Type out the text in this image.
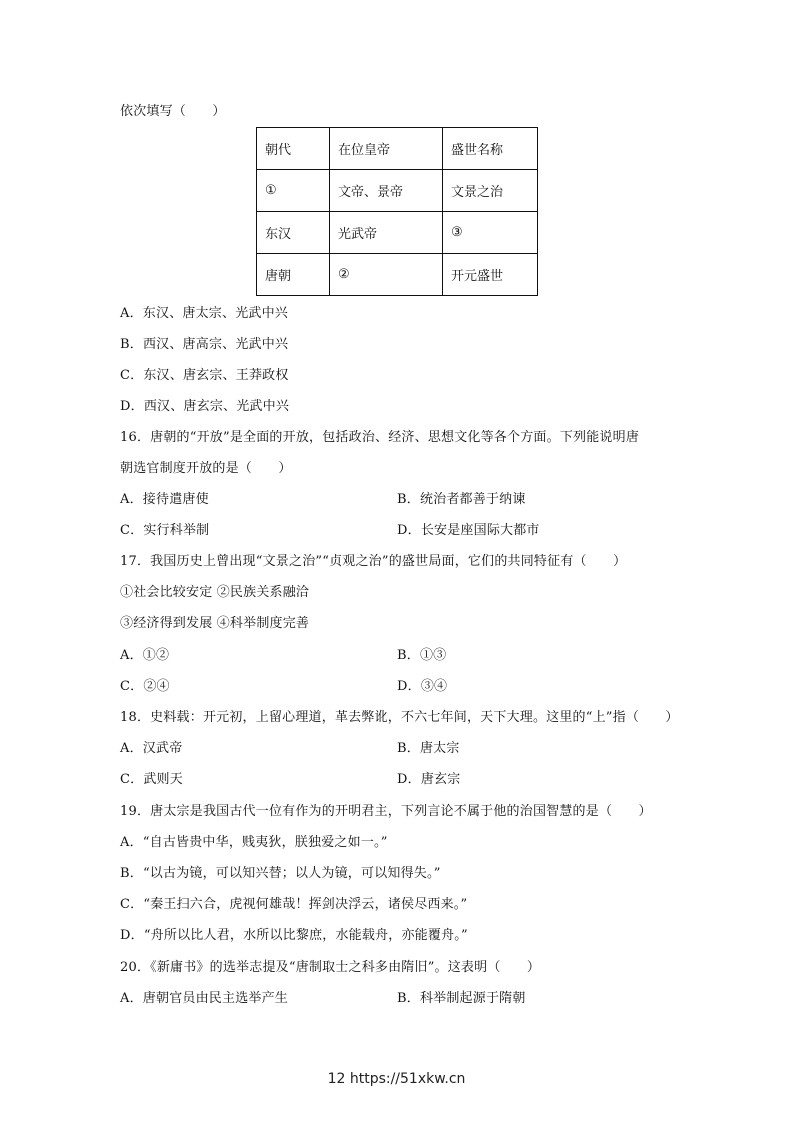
依次填写（　　）
朝代	在位皇帝	盛世名称
①	文帝、景帝	文景之治
东汉	光武帝	③
唐朝	②	开元盛世
A．东汉、唐太宗、光武中兴
B．西汉、唐高宗、光武中兴
C．东汉、唐玄宗、王莽政权
D．西汉、唐玄宗、光武中兴
16．唐朝的“开放”是全面的开放，包括政治、经济、思想文化等各个方面。下列能说明唐
朝选官制度开放的是（　　）
A．接待遣唐使	B．统治者都善于纳谏
C．实行科举制	D．长安是座国际大都市
17．我国历史上曾出现“文景之治”“贞观之治”的盛世局面，它们的共同特征有（　　）
①社会比较安定 ②民族关系融洽
③经济得到发展 ④科举制度完善
A．①②	B．①③
C．②④	D．③④
18．史料载：开元初，上留心理道，革去弊讹，不六七年间，天下大理。这里的“上”指（　　）
A．汉武帝	B．唐太宗
C．武则天	D．唐玄宗
19．唐太宗是我国古代一位有作为的开明君主，下列言论不属于他的治国智慧的是（　　）
A．“自古皆贵中华，贱夷狄，朕独爱之如一。”
B．“以古为镜，可以知兴替；以人为镜，可以知得失。”
C．“秦王扫六合，虎视何雄哉！挥剑决浮云，诸侯尽西来。”
D．“舟所以比人君，水所以比黎庶，水能载舟，亦能覆舟。”
20．《新庸书》的选举志提及“唐制取士之科多由隋旧”。这表明（　　）
A．唐朝官员由民主选举产生	B．科举制起源于隋朝
12 https://51xkw.cn
